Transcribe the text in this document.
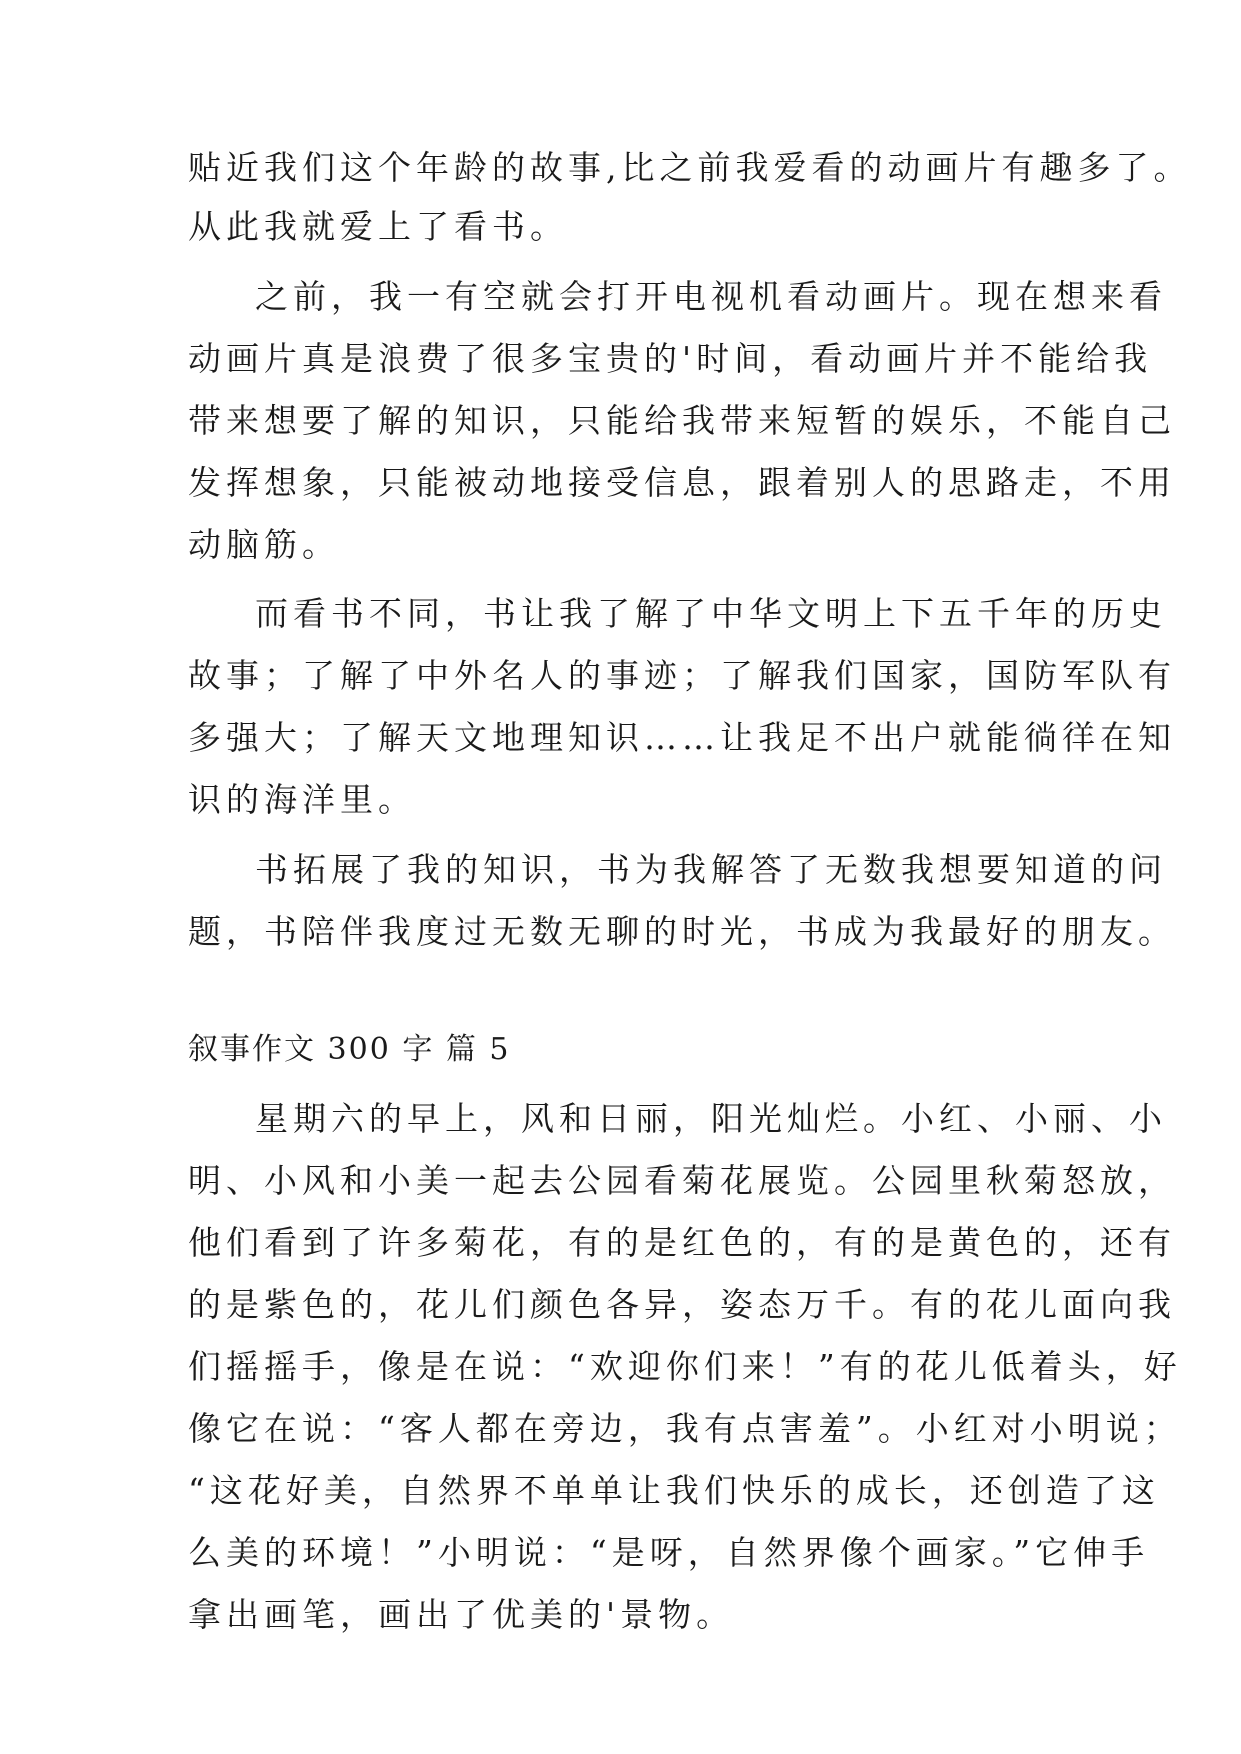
贴近我们这个年龄的故事,比之前我爱看的动画片有趣多了。
从此我就爱上了看书。
之前，我一有空就会打开电视机看动画片。现在想来看
动画片真是浪费了很多宝贵的'时间，看动画片并不能给我
带来想要了解的知识，只能给我带来短暂的娱乐，不能自己
发挥想象，只能被动地接受信息，跟着别人的思路走，不用
动脑筋。
而看书不同，书让我了解了中华文明上下五千年的历史
故事；了解了中外名人的事迹；了解我们国家，国防军队有
多强大；了解天文地理知识……让我足不出户就能徜徉在知
识的海洋里。
书拓展了我的知识，书为我解答了无数我想要知道的问
题，书陪伴我度过无数无聊的时光，书成为我最好的朋友。
叙事作文 300 字 篇 5
星期六的早上，风和日丽，阳光灿烂。小红、小丽、小
明、小风和小美一起去公园看菊花展览。公园里秋菊怒放，
他们看到了许多菊花，有的是红色的，有的是黄色的，还有
的是紫色的，花儿们颜色各异，姿态万千。有的花儿面向我
们摇摇手，像是在说：“欢迎你们来！”有的花儿低着头，好
像它在说：“客人都在旁边，我有点害羞”。小红对小明说；
“这花好美，自然界不单单让我们快乐的成长，还创造了这
么美的环境！”小明说：“是呀，自然界像个画家。”它伸手
拿出画笔，画出了优美的'景物。
